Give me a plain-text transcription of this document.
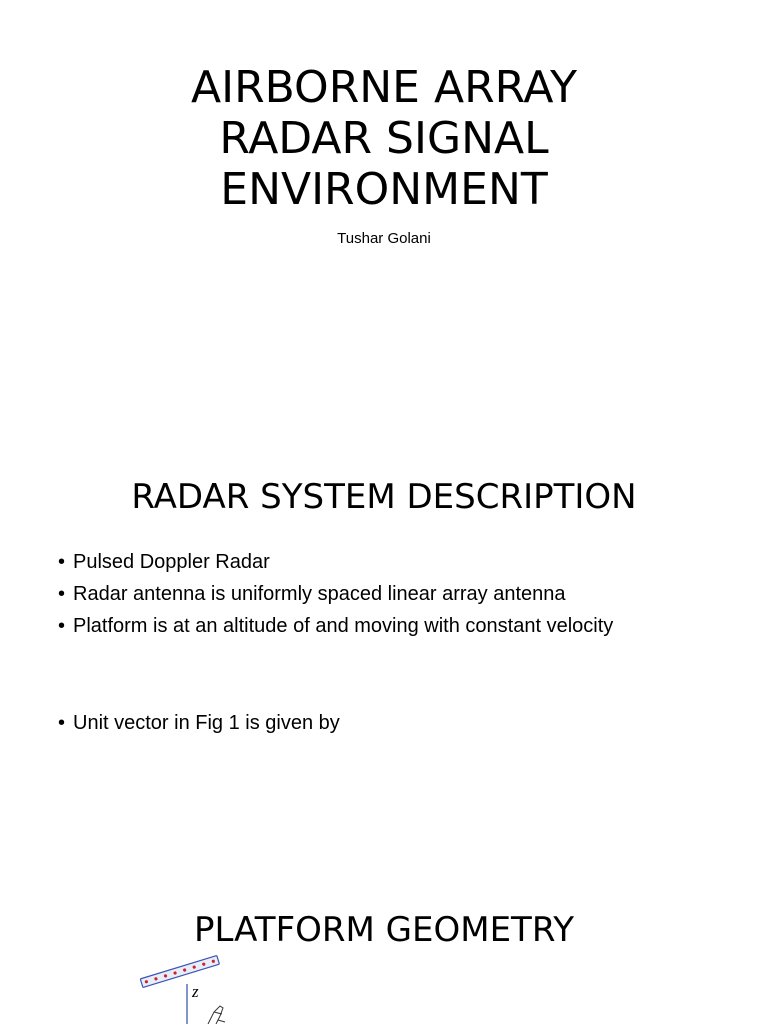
AIRBORNE ARRAY
RADAR SIGNAL
ENVIRONMENT
Tushar Golani
RADAR SYSTEM DESCRIPTION
• Pulsed Doppler Radar
• Radar antenna is uniformly spaced linear array antenna
• Platform is at an altitude of and moving with constant velocity
• Unit vector in Fig 1 is given by
PLATFORM GEOMETRY
z
